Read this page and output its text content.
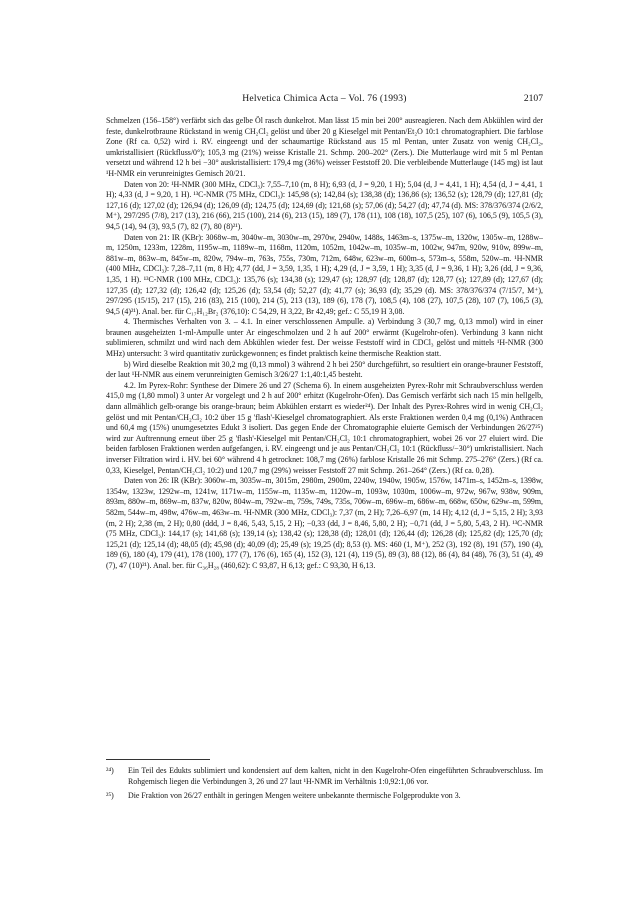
Helvetica Chimica Acta – Vol. 76 (1993)	2107

Schmelzen (156–158°) verfärbt sich das gelbe Öl rasch dunkelrot. Man lässt 15 min bei 200° ausreagieren. Nach dem Abkühlen wird der feste, dunkelrotbraune Rückstand in wenig CH₂Cl₂ gelöst und über 20 g Kieselgel mit Pentan/Et₂O 10:1 chromatographiert. Die farblose Zone (Rf ca. 0,52) wird i. RV. eingeengt und der schaumartige Rückstand aus 15 ml Pentan, unter Zusatz von wenig CH₂Cl₂, umkristallisiert (Rückfluss/0°); 105,3 mg (21%) weisse Kristalle 21. Schmp. 200–202° (Zers.). Die Mutterlauge wird mit 5 ml Pentan versetzt und während 12 h bei −30° auskristallisiert: 179,4 mg (36%) weisser Feststoff 20. Die verbleibende Mutterlauge (145 mg) ist laut ¹H-NMR ein verunreinigtes Gemisch 20/21.

Daten von 20: ¹H-NMR (300 MHz, CDCl₃): 7,55–7,10 (m, 8 H); 6,93 (d, J = 9,20, 1 H); 5,04 (d, J = 4,41, 1 H); 4,54 (d, J = 4,41, 1 H); 4,33 (d, J = 9,20, 1 H). ¹³C-NMR (75 MHz, CDCl₃): 145,98 (s); 142,84 (s); 138,38 (d); 136,86 (s); 136,52 (s); 128,79 (d); 127,81 (d); 127,16 (d); 127,02 (d); 126,94 (d); 126,09 (d); 124,75 (d); 124,69 (d); 121,68 (s); 57,06 (d); 54,27 (d); 47,74 (d). MS: 378/376/374 (2/6/2, M⁺), 297/295 (7/8), 217 (13), 216 (66), 215 (100), 214 (6), 213 (15), 189 (7), 178 (11), 108 (18), 107,5 (25), 107 (6), 106,5 (9), 105,5 (3), 94,5 (14), 94 (3), 93,5 (7), 82 (7), 80 (8)²¹).

Daten von 21: IR (KBr): 3068w–m, 3040w–m, 3030w–m, 2970w, 2940w, 1488s, 1463m–s, 1375w–m, 1320w, 1305w–m, 1288w–m, 1250m, 1233m, 1228m, 1195w–m, 1189w–m, 1168m, 1120m, 1052m, 1042w–m, 1035w–m, 1002w, 947m, 920w, 910w, 899w–m, 881w–m, 863w–m, 845w–m, 820w, 794w–m, 763s, 755s, 730m, 712m, 648w, 623w–m, 600m–s, 573m–s, 558m, 520w–m. ¹H-NMR (400 MHz, CDCl₃): 7,28–7,11 (m, 8 H); 4,77 (dd, J = 3,59, 1,35, 1 H); 4,29 (d, J = 3,59, 1 H); 3,35 (d, J = 9,36, 1 H); 3,26 (dd, J = 9,36, 1,35, 1 H). ¹³C-NMR (100 MHz, CDCl₃): 135,76 (s); 134,38 (s); 129,47 (s); 128,97 (d); 128,87 (d); 128,77 (s); 127,89 (d); 127,67 (d); 127,35 (d); 127,32 (d); 126,42 (d); 125,26 (d); 53,54 (d); 52,27 (d); 41,77 (s); 36,93 (d); 35,29 (d). MS: 378/376/374 (7/15/7, M⁺), 297/295 (15/15), 217 (15), 216 (83), 215 (100), 214 (5), 213 (13), 189 (6), 178 (7), 108,5 (4), 108 (27), 107,5 (28), 107 (7), 106,5 (3), 94,5 (4)²¹). Anal. ber. für C₁₇H₁₂Br₂ (376,10): C 54,29, H 3,22, Br 42,49; gef.: C 55,19 H 3,08.

4. Thermisches Verhalten von 3. – 4.1. In einer verschlossenen Ampulle. a) Verbindung 3 (30,7 mg, 0,13 mmol) wird in einer braunen ausgeheizten 1-ml-Ampulle unter Ar eingeschmolzen und 2 h auf 200° erwärmt (Kugelrohr-ofen). Verbindung 3 kann nicht sublimieren, schmilzt und wird nach dem Abkühlen wieder fest. Der weisse Feststoff wird in CDCl₃ gelöst und mittels ¹H-NMR (300 MHz) untersucht: 3 wird quantitativ zurückgewonnen; es findet praktisch keine thermische Reaktion statt.

b) Wird dieselbe Reaktion mit 30,2 mg (0,13 mmol) 3 während 2 h bei 250° durchgeführt, so resultiert ein orange-brauner Feststoff, der laut ¹H-NMR aus einem verunreinigten Gemisch 3/26/27 1:1,40:1,45 besteht.

4.2. Im Pyrex-Rohr: Synthese der Dimere 26 und 27 (Schema 6). In einem ausgeheizten Pyrex-Rohr mit Schraubverschluss werden 415,0 mg (1,80 mmol) 3 unter Ar vorgelegt und 2 h auf 200° erhitzt (Kugelrohr-Ofen). Das Gemisch verfärbt sich nach 15 min hellgelb, dann allmählich gelb-orange bis orange-braun; beim Abkühlen erstarrt es wieder²⁴). Der Inhalt des Pyrex-Rohres wird in wenig CH₂Cl₂ gelöst und mit Pentan/CH₂Cl₂ 10:2 über 15 g 'flash'-Kieselgel chromatographiert. Als erste Fraktionen werden 0,4 mg (0,1%) Anthracen und 60,4 mg (15%) unumgesetztes Edukt 3 isoliert. Das gegen Ende der Chromatographie eluierte Gemisch der Verbindungen 26/27²⁵) wird zur Auftrennung erneut über 25 g 'flash'-Kieselgel mit Pentan/CH₂Cl₂ 10:1 chromatographiert, wobei 26 vor 27 eluiert wird. Die beiden farblosen Fraktionen werden aufgefangen, i. RV. eingeengt und je aus Pentan/CH₂Cl₂ 10:1 (Rückfluss/−30°) umkristallisiert. Nach inverser Filtration wird i. HV. bei 60° während 4 h getrocknet: 108,7 mg (26%) farblose Kristalle 26 mit Schmp. 275–276° (Zers.) (Rf ca. 0,33, Kieselgel, Pentan/CH₂Cl₂ 10:2) und 120,7 mg (29%) weisser Feststoff 27 mit Schmp. 261–264° (Zers.) (Rf ca. 0,28).

Daten von 26: IR (KBr): 3060w–m, 3035w–m, 3015m, 2980m, 2900m, 2240w, 1940w, 1905w, 1576w, 1471m–s, 1452m–s, 1398w, 1354w, 1323w, 1292w–m, 1241w, 1171w–m, 1155w–m, 1135w–m, 1120w–m, 1093w, 1030m, 1006w–m, 972w, 967w, 938w, 909m, 893m, 880w–m, 869w–m, 837w, 820w, 804w–m, 792w–m, 759s, 749s, 735s, 706w–m, 696w–m, 686w–m, 668w, 650w, 629w–m, 599m, 582m, 544w–m, 498w, 476w–m, 463w–m. ¹H-NMR (300 MHz, CDCl₃): 7,37 (m, 2 H); 7,26–6,97 (m, 14 H); 4,12 (d, J = 5,15, 2 H); 3,93 (m, 2 H); 2,38 (m, 2 H); 0,80 (ddd, J = 8,46, 5,43, 5,15, 2 H); −0,33 (dd, J = 8,46, 5,80, 2 H); −0,71 (dd, J = 5,80, 5,43, 2 H). ¹³C-NMR (75 MHz, CDCl₃): 144,17 (s); 141,68 (s); 139,14 (s); 138,42 (s); 128,38 (d); 128,01 (d); 126,44 (d); 126,28 (d); 125,82 (d); 125,70 (d); 125,21 (d); 125,14 (d); 48,05 (d); 45,98 (d); 40,09 (d); 25,49 (s); 19,25 (d); 8,53 (t). MS: 460 (1, M⁺), 252 (3), 192 (8), 191 (57), 190 (4), 189 (6), 180 (4), 179 (41), 178 (100), 177 (7), 176 (6), 165 (4), 152 (3), 121 (4), 119 (5), 89 (3), 88 (12), 86 (4), 84 (48), 76 (3), 51 (4), 49 (7), 47 (10)²¹). Anal. ber. für C₃₆H₂₈ (460,62): C 93,87, H 6,13; gef.: C 93,30, H 6,13.

²⁴)	Ein Teil des Edukts sublimiert und kondensiert auf dem kalten, nicht in den Kugelrohr-Ofen eingeführten Schraubverschluss. Im Rohgemisch liegen die Verbindungen 3, 26 und 27 laut ¹H-NMR im Verhältnis 1:0,92:1,06 vor.
²⁵)	Die Fraktion von 26/27 enthält in geringen Mengen weitere unbekannte thermische Folgeprodukte von 3.
